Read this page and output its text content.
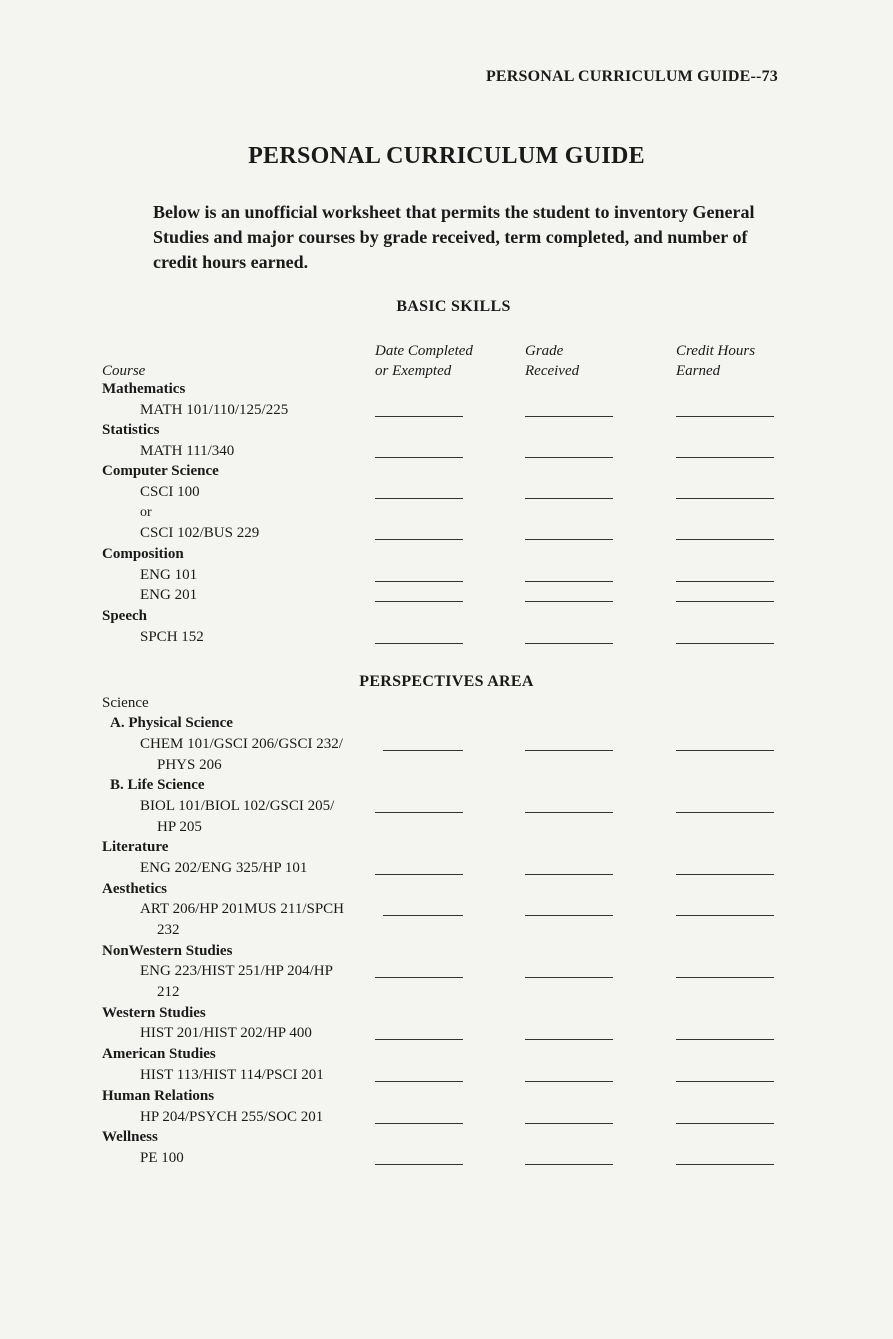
PERSONAL CURRICULUM GUIDE--73
PERSONAL CURRICULUM GUIDE
Below is an unofficial worksheet that permits the student to inventory General Studies and major courses by grade received, term completed, and number of credit hours earned.
BASIC SKILLS
Course
Date Completed
or Exempted
Grade
Received
Credit Hours
Earned
Mathematics
MATH 101/110/125/225
Statistics
MATH 111/340
Computer Science
CSCI 100
or
CSCI 102/BUS 229
Composition
ENG 101
ENG 201
Speech
SPCH 152
PERSPECTIVES AREA
Science
A. Physical Science
CHEM 101/GSCI 206/GSCI 232/
PHYS 206
B. Life Science
BIOL 101/BIOL 102/GSCI 205/
HP 205
Literature
ENG 202/ENG 325/HP 101
Aesthetics
ART 206/HP 201MUS 211/SPCH
232
NonWestern Studies
ENG 223/HIST 251/HP 204/HP
212
Western Studies
HIST 201/HIST 202/HP 400
American Studies
HIST 113/HIST 114/PSCI 201
Human Relations
HP 204/PSYCH 255/SOC 201
Wellness
PE 100
